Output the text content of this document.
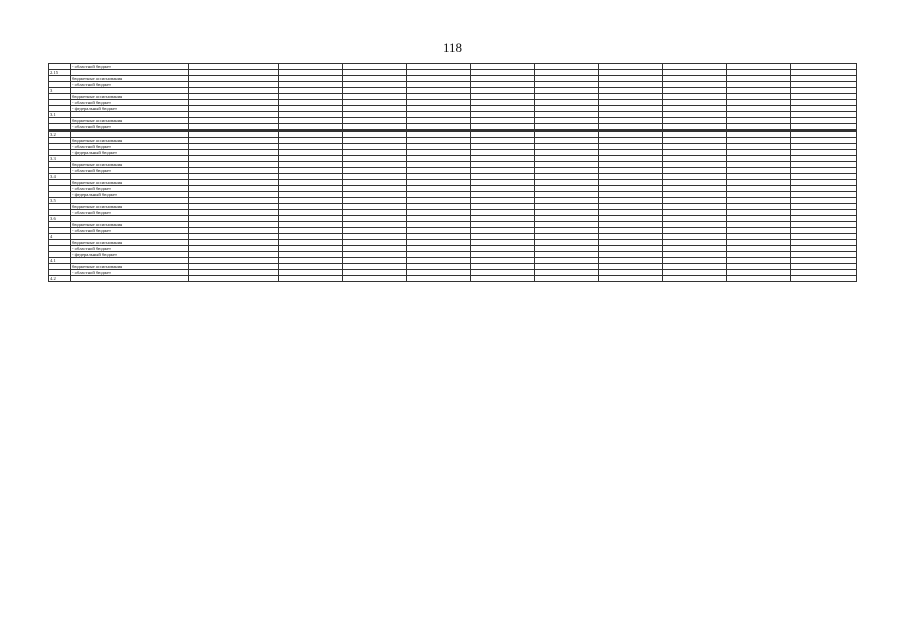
118
	- областной бюджет										
2.15											
	бюджетные ассигнования										
	- областной бюджет										
3											
	бюджетные ассигнования										
	- областной бюджет										
	- федеральный бюджет										
3.1											
	бюджетные ассигнования										
	- областной бюджет										

3.2											
	бюджетные ассигнования										
	- областной бюджет										
	- федеральный бюджет										
3.3											
	бюджетные ассигнования										
	- областной бюджет										
3.4											
	бюджетные ассигнования										
	- областной бюджет										
	- федеральный бюджет										
3.5											
	бюджетные ассигнования										
	- областной бюджет										
3.6											
	бюджетные ассигнования										
	- областной бюджет										
4											
	бюджетные ассигнования										
	- областной бюджет										
	- федеральный бюджет										
4.1											
	бюджетные ассигнования										
	- областной бюджет										
4.2											
